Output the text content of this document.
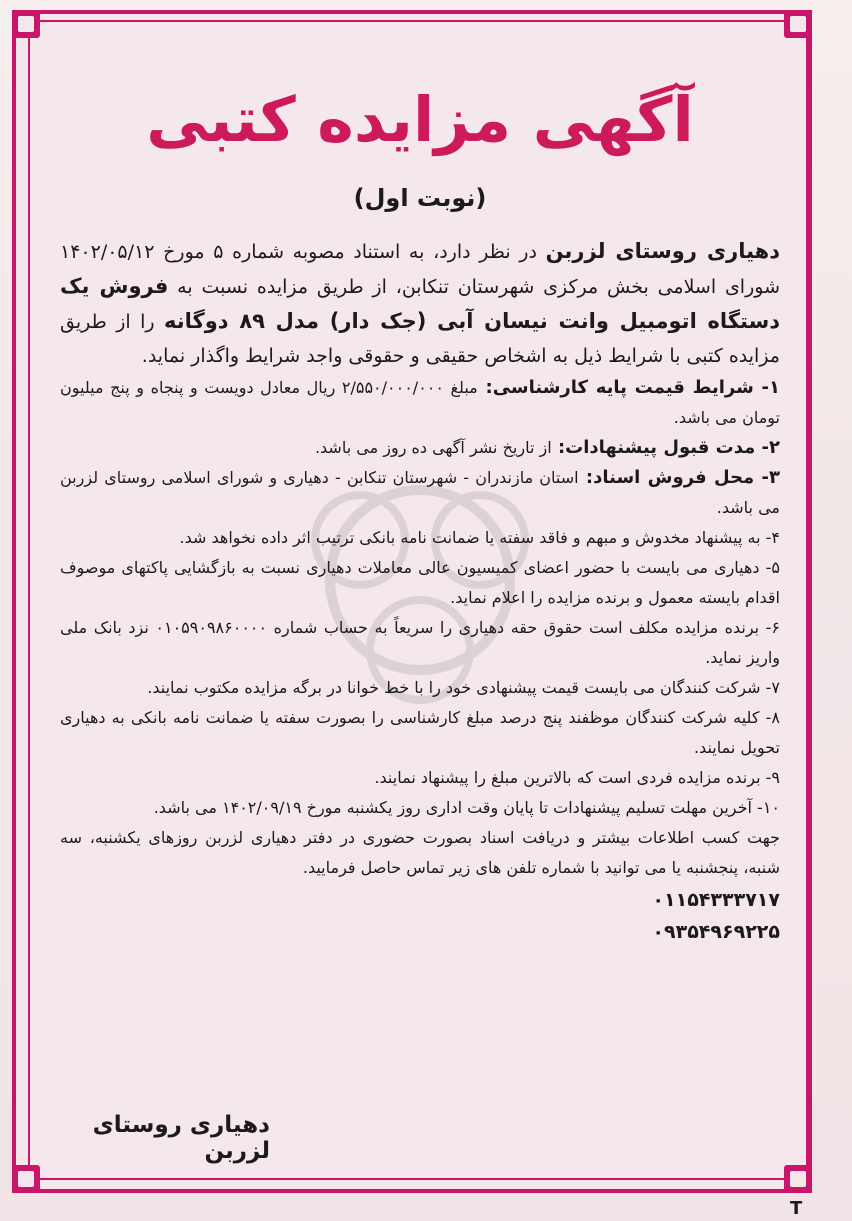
آگهی مزایده کتبی
(نوبت اول)

دهیاری روستای لزربن در نظر دارد، به استناد مصوبه شماره ۵ مورخ ۱۴۰۲/۰۵/۱۲ شورای اسلامی بخش مرکزی شهرستان تنکابن، از طریق مزایده نسبت به فروش یک دستگاه اتومبیل وانت نیسان آبی (جک دار) مدل ۸۹ دوگانه را از طریق مزایده کتبی با شرایط ذیل به اشخاص حقیقی و حقوقی واجد شرایط واگذار نماید.

۱- شرایط قیمت پایه کارشناسی: مبلغ ۲/۵۵۰/۰۰۰/۰۰۰ ریال معادل دویست و پنجاه و پنج میلیون تومان می باشد.

۲- مدت قبول پیشنهادات: از تاریخ نشر آگهی ده روز می باشد.

۳- محل فروش اسناد: استان مازندران - شهرستان تنکابن - دهیاری و شورای اسلامی روستای لزربن می باشد.

۴- به پیشنهاد مخدوش و مبهم و فاقد سفته یا ضمانت نامه بانکی ترتیب اثر داده نخواهد شد.

۵- دهیاری می بایست با حضور اعضای کمیسیون عالی معاملات دهیاری نسبت به بازگشایی پاکتهای موصوف اقدام بایسته معمول و برنده مزایده را اعلام نماید.

۶- برنده مزایده مکلف است حقوق حقه دهیاری را سریعاً به حساب شماره ۰۱۰۵۹۰۹۸۶۰۰۰۰ نزد بانک ملی واریز نماید.

۷- شرکت کنندگان می بایست قیمت پیشنهادی خود را با خط خوانا در برگه مزایده مکتوب نمایند.

۸- کلیه شرکت کنندگان موظفند پنج درصد مبلغ کارشناسی را بصورت سفته یا ضمانت نامه بانکی به دهیاری تحویل نمایند.

۹- برنده مزایده فردی است که بالاترین مبلغ را پیشنهاد نمایند.

۱۰- آخرین مهلت تسلیم پیشنهادات تا پایان وقت اداری روز یکشنبه مورخ ۱۴۰۲/۰۹/۱۹ می باشد.

جهت کسب اطلاعات بیشتر و دریافت اسناد بصورت حضوری در دفتر دهیاری لزربن روزهای یکشنبه، سه شنبه، پنجشنبه یا می توانید با شماره تلفن های زیر تماس حاصل فرمایید.

۰۱۱۵۴۳۳۳۷۱۷
۰۹۳۵۴۹۶۹۲۲۵
دهیاری روستای لزربن
T
